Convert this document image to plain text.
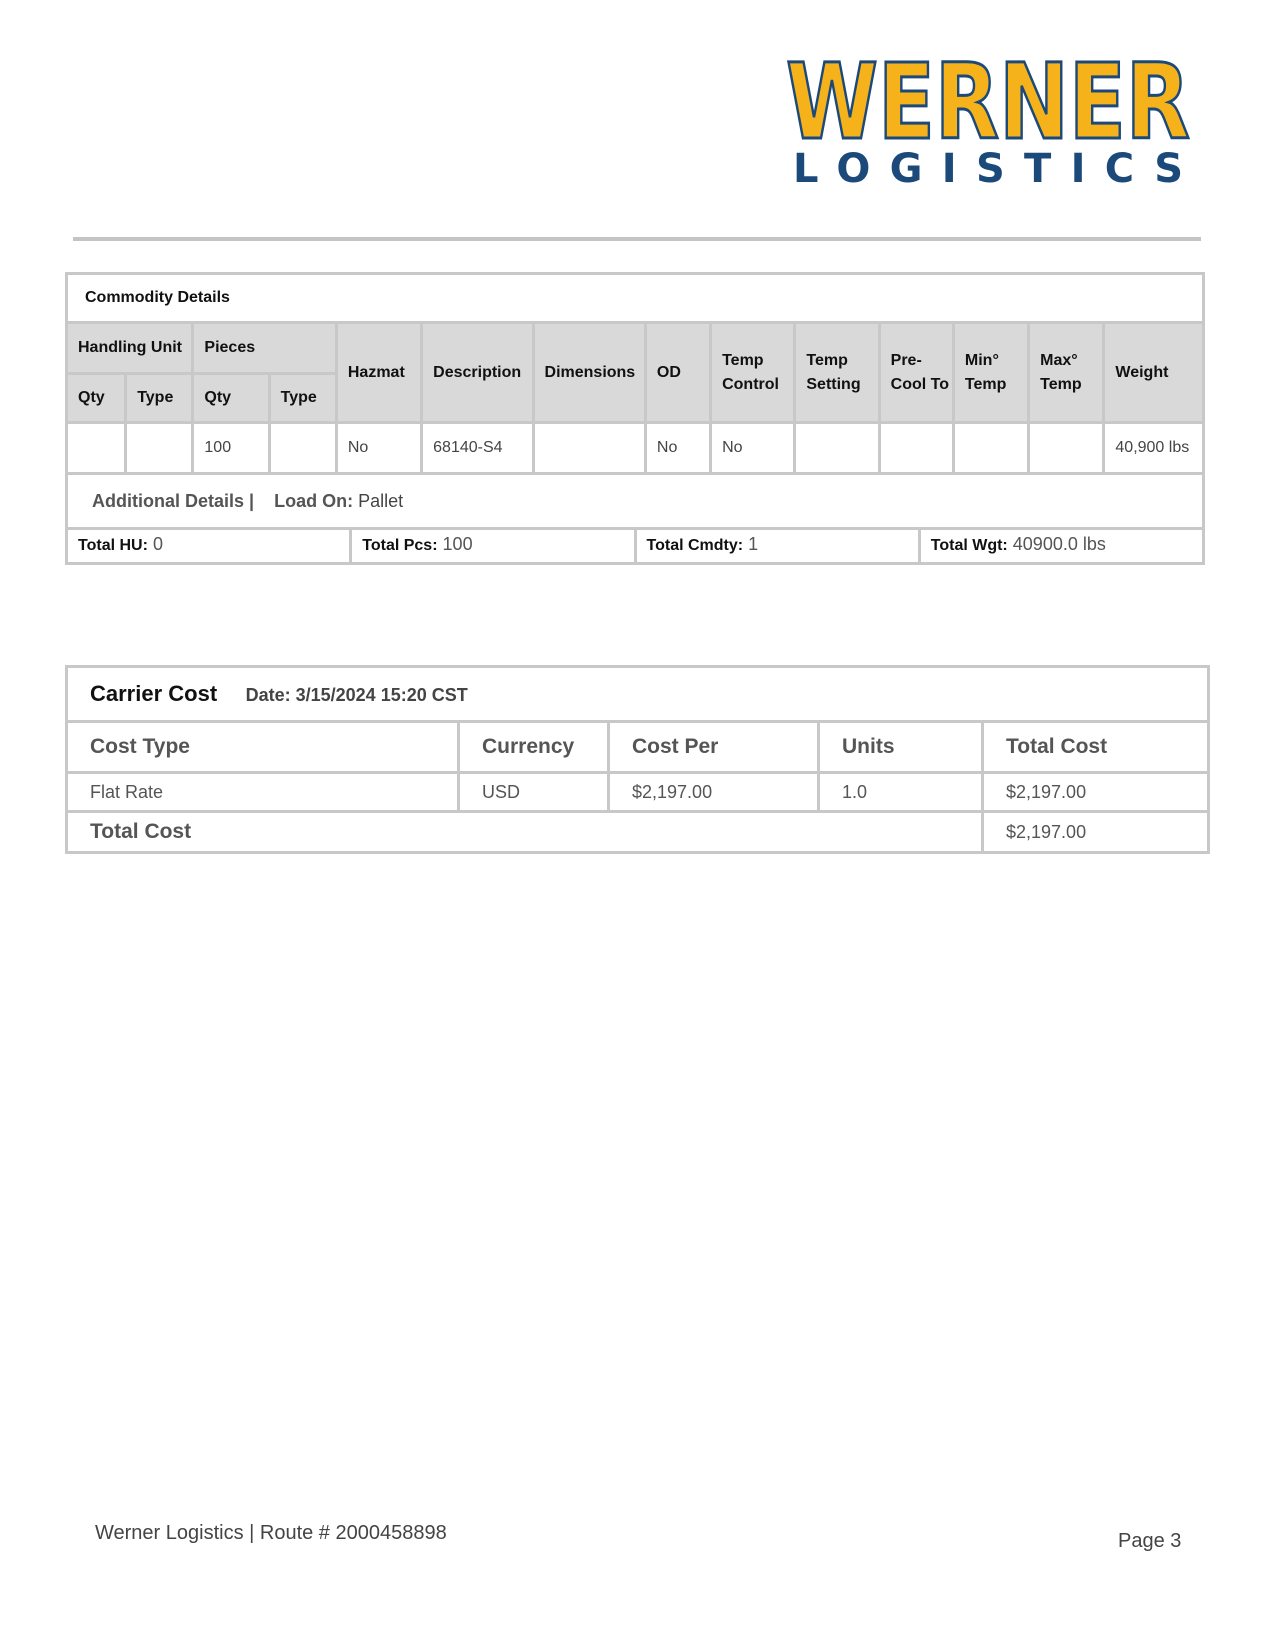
WERNER
LOGISTICS
Commodity Details													
Handling Unit		Pieces		Hazmat	Description	Dimensions	OD	Temp Control	Temp Setting	Pre-Cool To	Min° Temp	Max° Temp	Weight
Qty	Type	Qty	Type										
		100		No	68140-S4		No	No					40,900 lbs
Additional Details | Load On: Pallet													

Total HU: 0 Total Pcs: 100 Total Cmdty: 1 Total Wgt: 40900.0 lbs													
Carrier Cost Date: 3/15/2024 15:20 CST				
Cost Type	Currency	Cost Per	Units	Total Cost
Flat Rate	USD	$2,197.00	1.0	$2,197.00
Total Cost				$2,197.00
Werner Logistics | Route # 2000458898	Page 3
